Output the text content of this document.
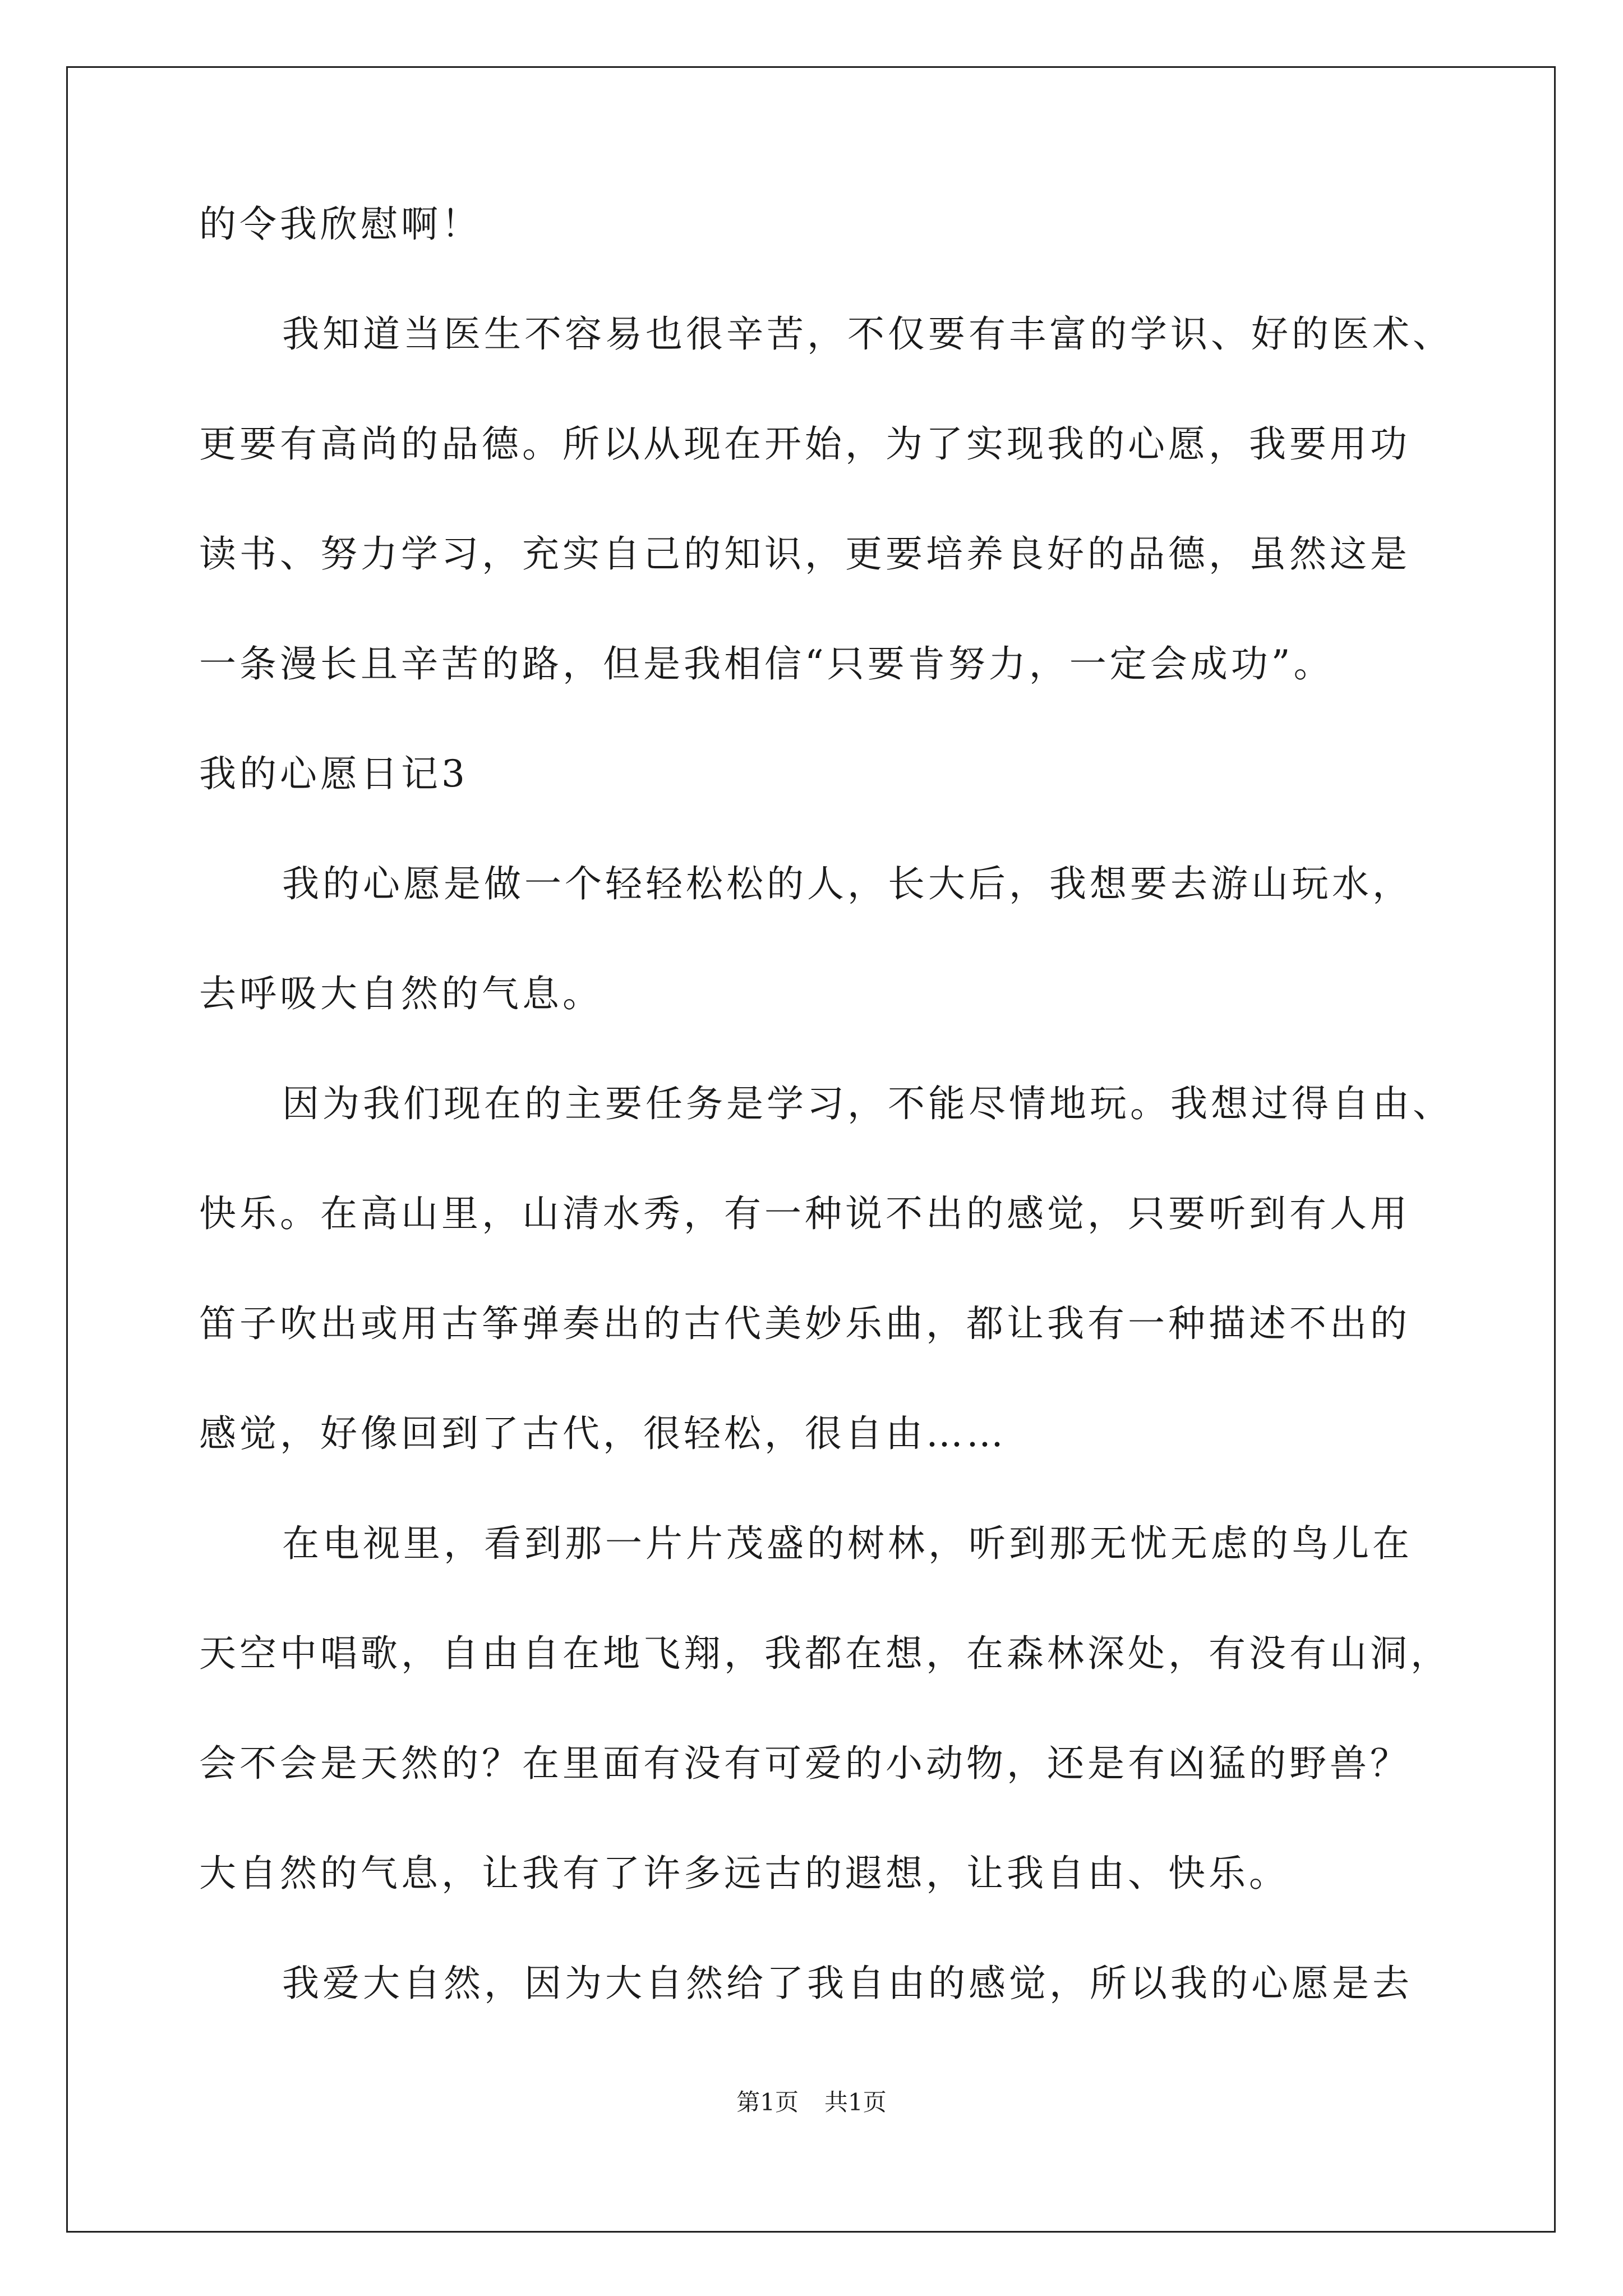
的令我欣慰啊！
我知道当医生不容易也很辛苦，不仅要有丰富的学识、好的医术、
更要有高尚的品德。所以从现在开始，为了实现我的心愿，我要用功
读书、努力学习，充实自己的知识，更要培养良好的品德，虽然这是
一条漫长且辛苦的路，但是我相信“只要肯努力，一定会成功”。
我的心愿日记3
我的心愿是做一个轻轻松松的人，长大后，我想要去游山玩水，
去呼吸大自然的气息。
因为我们现在的主要任务是学习，不能尽情地玩。我想过得自由、
快乐。在高山里，山清水秀，有一种说不出的感觉，只要听到有人用
笛子吹出或用古筝弹奏出的古代美妙乐曲，都让我有一种描述不出的
感觉，好像回到了古代，很轻松，很自由……
在电视里，看到那一片片茂盛的树林，听到那无忧无虑的鸟儿在
天空中唱歌，自由自在地飞翔，我都在想，在森林深处，有没有山洞，
会不会是天然的？在里面有没有可爱的小动物，还是有凶猛的野兽？
大自然的气息，让我有了许多远古的遐想，让我自由、快乐。
我爱大自然，因为大自然给了我自由的感觉，所以我的心愿是去
第1页 共1页
